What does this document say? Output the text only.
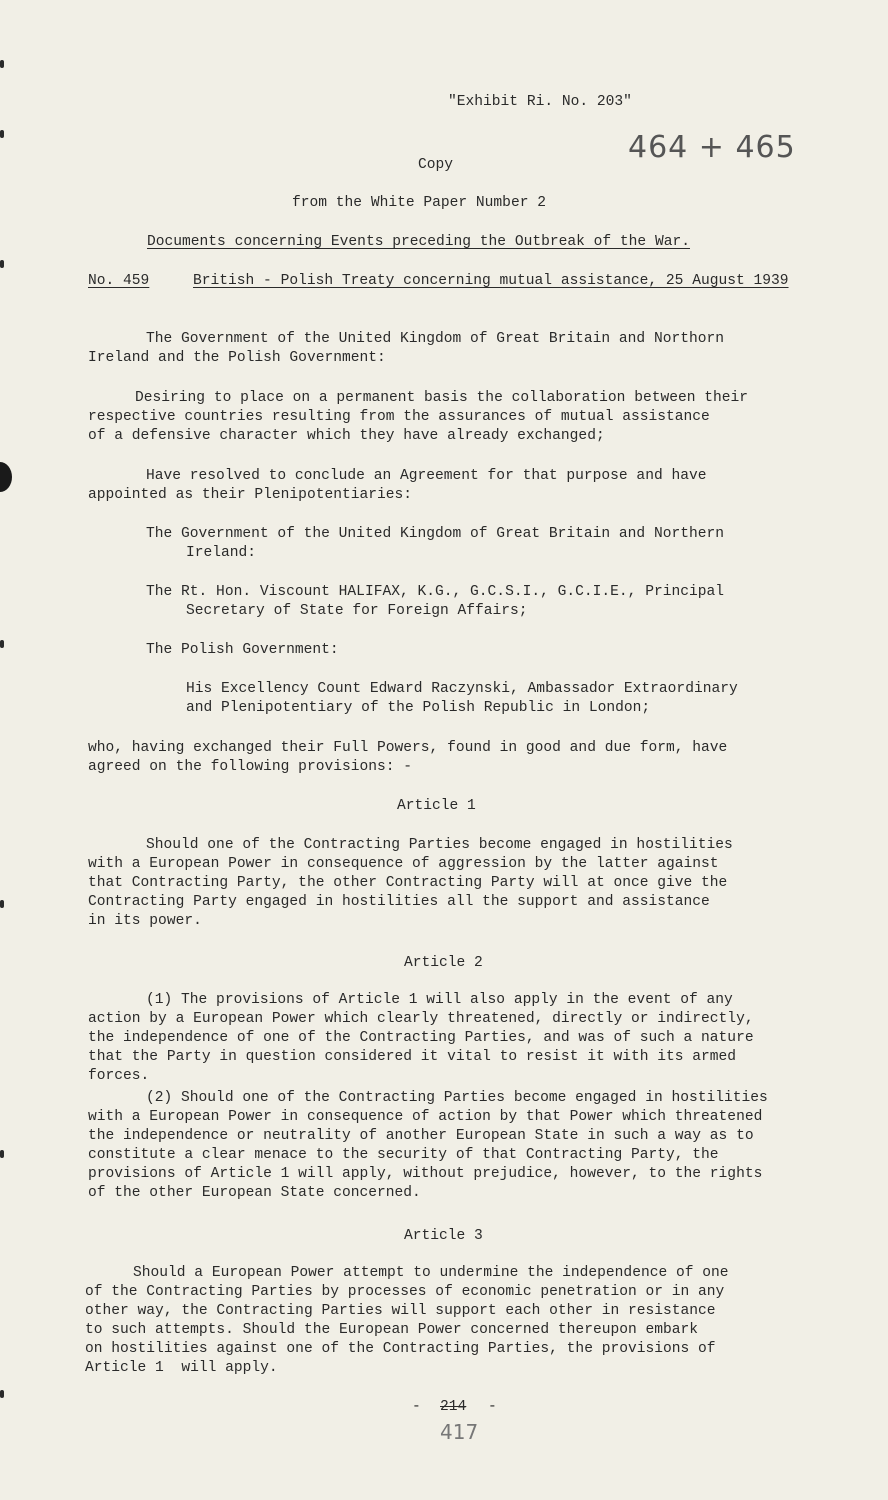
"Exhibit Ri. No. 203"
464 + 465
Copy
from the White Paper Number 2
Documents concerning Events preceding the Outbreak of the War.
No. 459	British - Polish Treaty concerning mutual assistance, 25 August 1939
The Government of the United Kingdom of Great Britain and Northorn
Ireland and the Polish Government:
Desiring to place on a permanent basis the collaboration between their
respective countries resulting from the assurances of mutual assistance
of a defensive character which they have already exchanged;
Have resolved to conclude an Agreement for that purpose and have
appointed as their Plenipotentiaries:
The Government of the United Kingdom of Great Britain and Northern
Ireland:
The Rt. Hon. Viscount HALIFAX, K.G., G.C.S.I., G.C.I.E., Principal
Secretary of State for Foreign Affairs;
The Polish Government:
His Excellency Count Edward Raczynski, Ambassador Extraordinary
and Plenipotentiary of the Polish Republic in London;
who, having exchanged their Full Powers, found in good and due form, have
agreed on the following provisions: -
Article 1
Should one of the Contracting Parties become engaged in hostilities
with a European Power in consequence of aggression by the latter against
that Contracting Party, the other Contracting Party will at once give the
Contracting Party engaged in hostilities all the support and assistance
in its power.
Article 2
(1) The provisions of Article 1 will also apply in the event of any
action by a European Power which clearly threatened, directly or indirectly,
the independence of one of the Contracting Parties, and was of such a nature
that the Party in question considered it vital to resist it with its armed
forces.
(2) Should one of the Contracting Parties become engaged in hostilities
with a European Power in consequence of action by that Power which threatened
the independence or neutrality of another European State in such a way as to
constitute a clear menace to the security of that Contracting Party, the
provisions of Article 1 will apply, without prejudice, however, to the rights
of the other European State concerned.
Article 3
Should a European Power attempt to undermine the independence of one
of the Contracting Parties by processes of economic penetration or in any
other way, the Contracting Parties will support each other in resistance
to such attempts. Should the European Power concerned thereupon embark
on hostilities against one of the Contracting Parties, the provisions of
Article 1  will apply.
- 214 -
417
